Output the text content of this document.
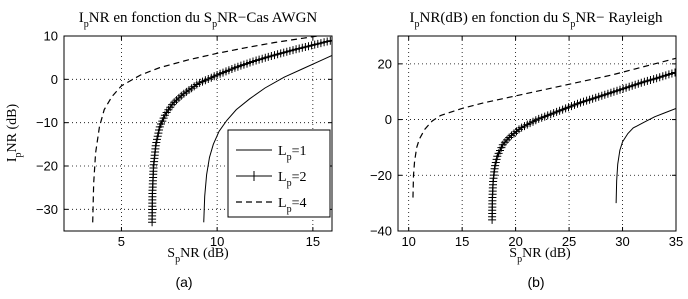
5	10	15
−30
−20
−10
0
10
$I_pNR$ en fonction du $S_pNR-Cas$ AWGN
$S_pNR$ (dB)
$I_pNR$ (dB)
(a)
$L_p=1$
$L_p=2$
$L_p=4$
10	15	20	25	30	35
−40
−20
0
20
$I_pNR(dB)$ en fonction du $S_pNR-$ Rayleigh
$S_pNR$ (dB)
(b)
